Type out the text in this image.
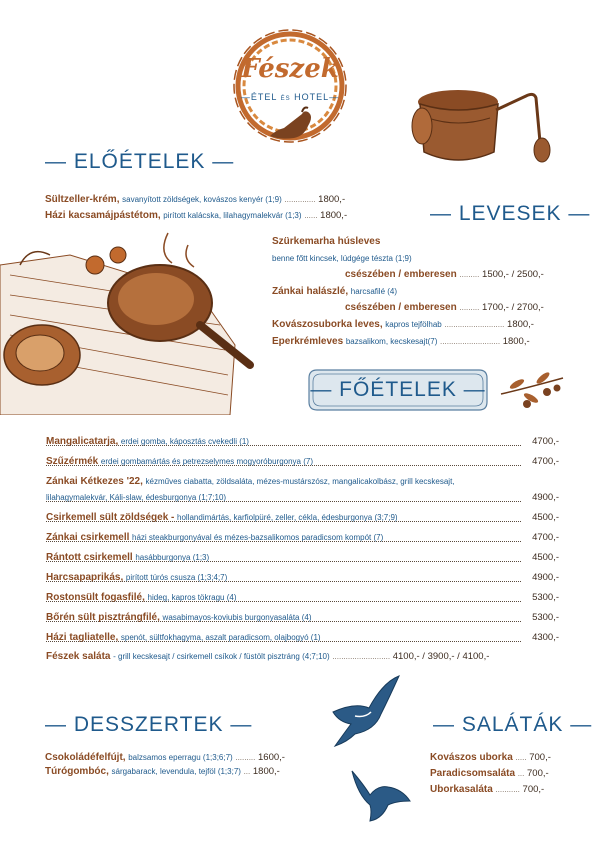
Fészek
—ÉTEL ÉS HOTEL—
— ELŐÉTELEK —
Sültzeller-krém, savanyított zöldségek, kovászos kenyér (1;9) .............. 1800,-
Házi kacsamájpástétom, pirított kalácska, lilahagymalekvár (1;3) ...... 1800,-	— LEVESEK —
Szürkemarha húsleves
benne főtt kincsek, lúdgége tészta (1;9)
csészében / emberesen ......... 1500,- / 2500,-
Zánkai halászlé, harcsafilé (4)
csészében / emberesen ......... 1700,- / 2700,-
Kovászosuborka leves, kapros tejfölhab ........................... 1800,-
Eperkrémleves bazsalikom, kecskesajt(7) ........................... 1800,-
— FŐÉTELEK —
Mangalicatarja, erdei gomba, káposztás cvekedli (1)	4700,-
Szűzérmék erdei gombamártás és petrezselymes mogyoróburgonya (7)	4700,-
Zánkai Kétkezes '22, kézműves ciabatta, zöldsaláta, mézes-mustárszósz, mangalicakolbász, grill kecskesajt,
lilahagymalekvár, Káli-slaw, édesburgonya (1;7;10)	4900,-
Csirkemell sült zöldségek - hollandimártás, karfiolpüré, zeller, cékla, édesburgonya (3;7;9)	4500,-
Zánkai csirkemell házi steakburgonyával és mézes-bazsalikomos paradicsom kompót (7)	4700,-
Rántott csirkemell hasábburgonya (1;3)	4500,-
Harcsapaprikás, pirított túrós csusza (1;3;4;7)	4900,-
Rostonsült fogasfilé, hideg, kapros tökragu (4)	5300,-
Bőrén sült pisztrángfilé, wasabimayos-koviubis burgonyasaláta (4)	5300,-
Házi tagliatelle, spenót, sültfokhagyma, aszalt paradicsom, olajbogyó (1)	4300,-
Fészek saláta - grill kecskesajt / csirkemell csíkok / füstölt pisztráng (4;7;10) .......................... 4100,- / 3900,- / 4100,-
— DESSZERTEK —
Csokoládéfelfújt, balzsamos eperragu (1;3;6;7) ......... 1600,-
Túrógombóc, sárgabarack, levendula, tejföl (1;3;7) ... 1800,-
— SALÁTÁK —
Kovászos uborka ..... 700,-
Paradicsomsaláta ... 700,-
Uborkasaláta ........... 700,-
